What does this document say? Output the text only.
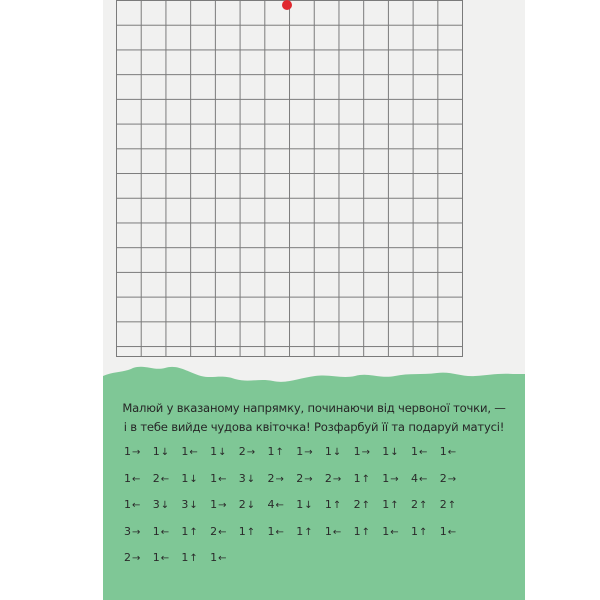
Малюй у вказаному напрямку, починаючи від червоної точки, —
і в тебе вийде чудова квіточка! Розфарбуй її та подаруй матусі!
1→	1↓	1←	1↓	2→	1↑	1→	1↓	1→	1↓	1←	1←
1←	2←	1↓	1←	3↓	2→	2→	2→	1↑	1→	4←	2→
1←	3↓	3↓	1→	2↓	4←	1↓	1↑	2↑	1↑	2↑	2↑
3→	1←	1↑	2←	1↑	1←	1↑	1←	1↑	1←	1↑	1←
2→	1←	1↑	1←
